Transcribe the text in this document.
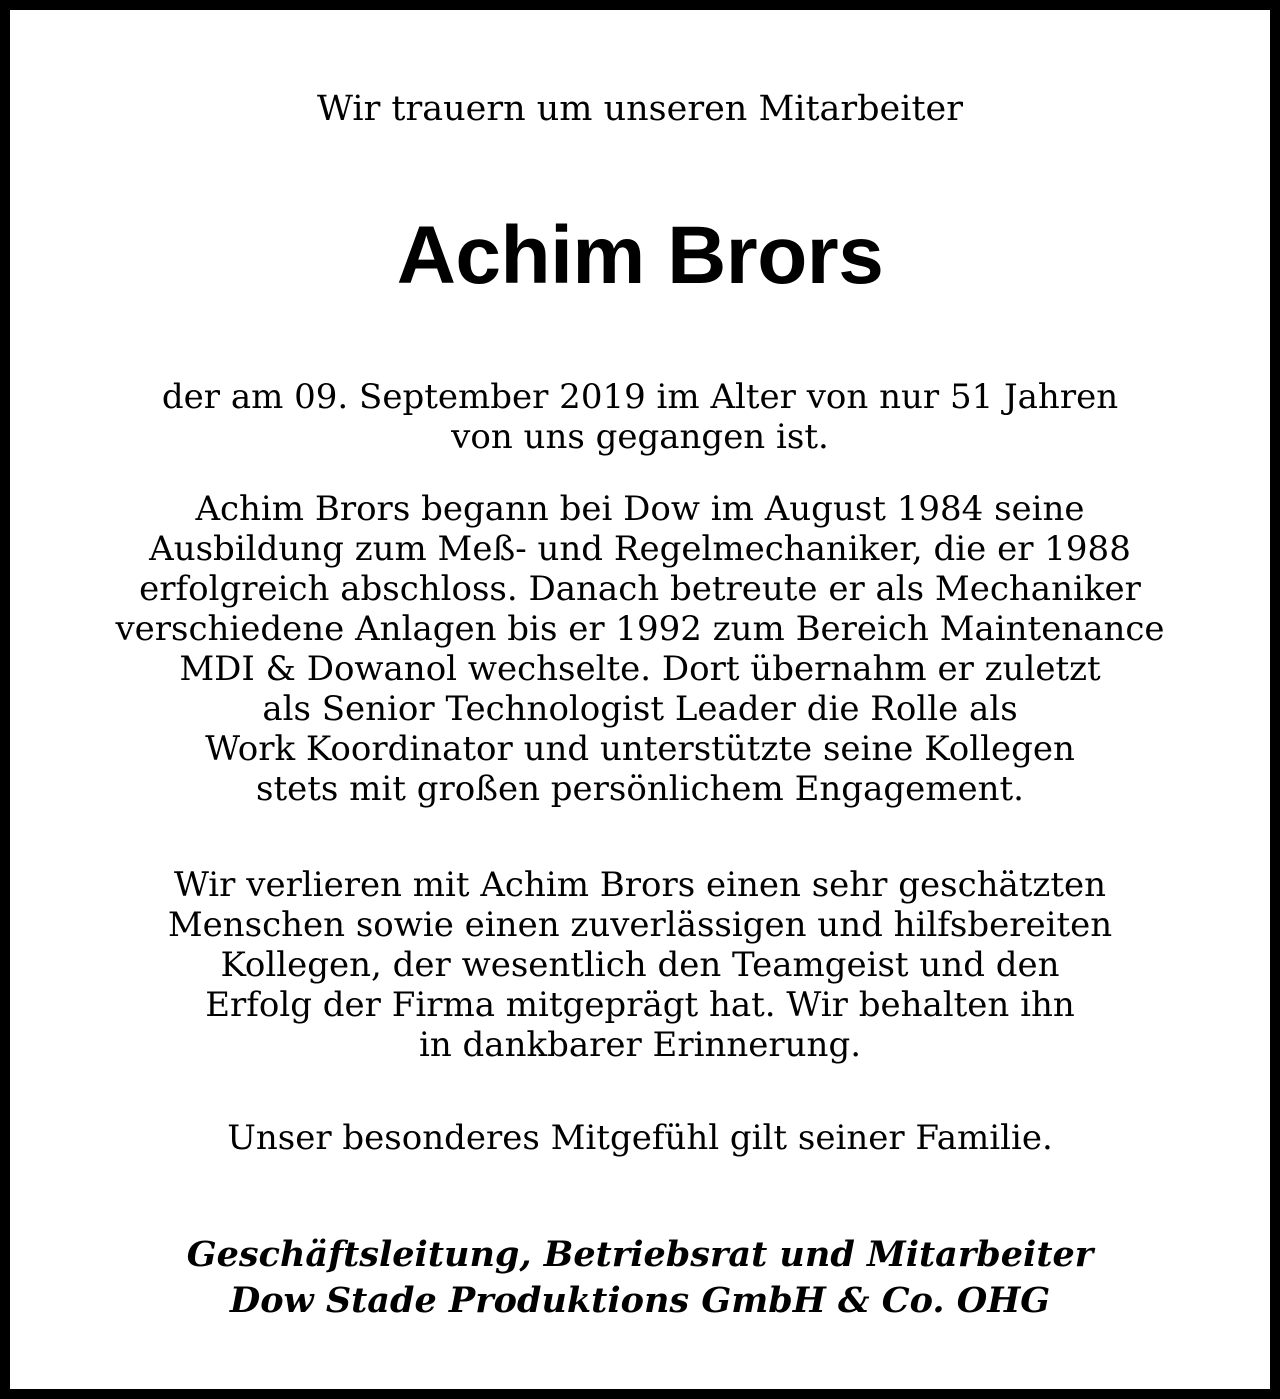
Wir trauern um unseren Mitarbeiter
Achim Brors
der am 09. September 2019 im Alter von nur 51 Jahren
von uns gegangen ist.
Achim Brors begann bei Dow im August 1984 seine
Ausbildung zum Meß- und Regelmechaniker, die er 1988
erfolgreich abschloss. Danach betreute er als Mechaniker
verschiedene Anlagen bis er 1992 zum Bereich Maintenance
MDI & Dowanol wechselte. Dort übernahm er zuletzt
als Senior Technologist Leader die Rolle als
Work Koordinator und unterstützte seine Kollegen
stets mit großen persönlichem Engagement.
Wir verlieren mit Achim Brors einen sehr geschätzten
Menschen sowie einen zuverlässigen und hilfsbereiten
Kollegen, der wesentlich den Teamgeist und den
Erfolg der Firma mitgeprägt hat. Wir behalten ihn
in dankbarer Erinnerung.
Unser besonderes Mitgefühl gilt seiner Familie.
Geschäftsleitung, Betriebsrat und Mitarbeiter
Dow Stade Produktions GmbH & Co. OHG
